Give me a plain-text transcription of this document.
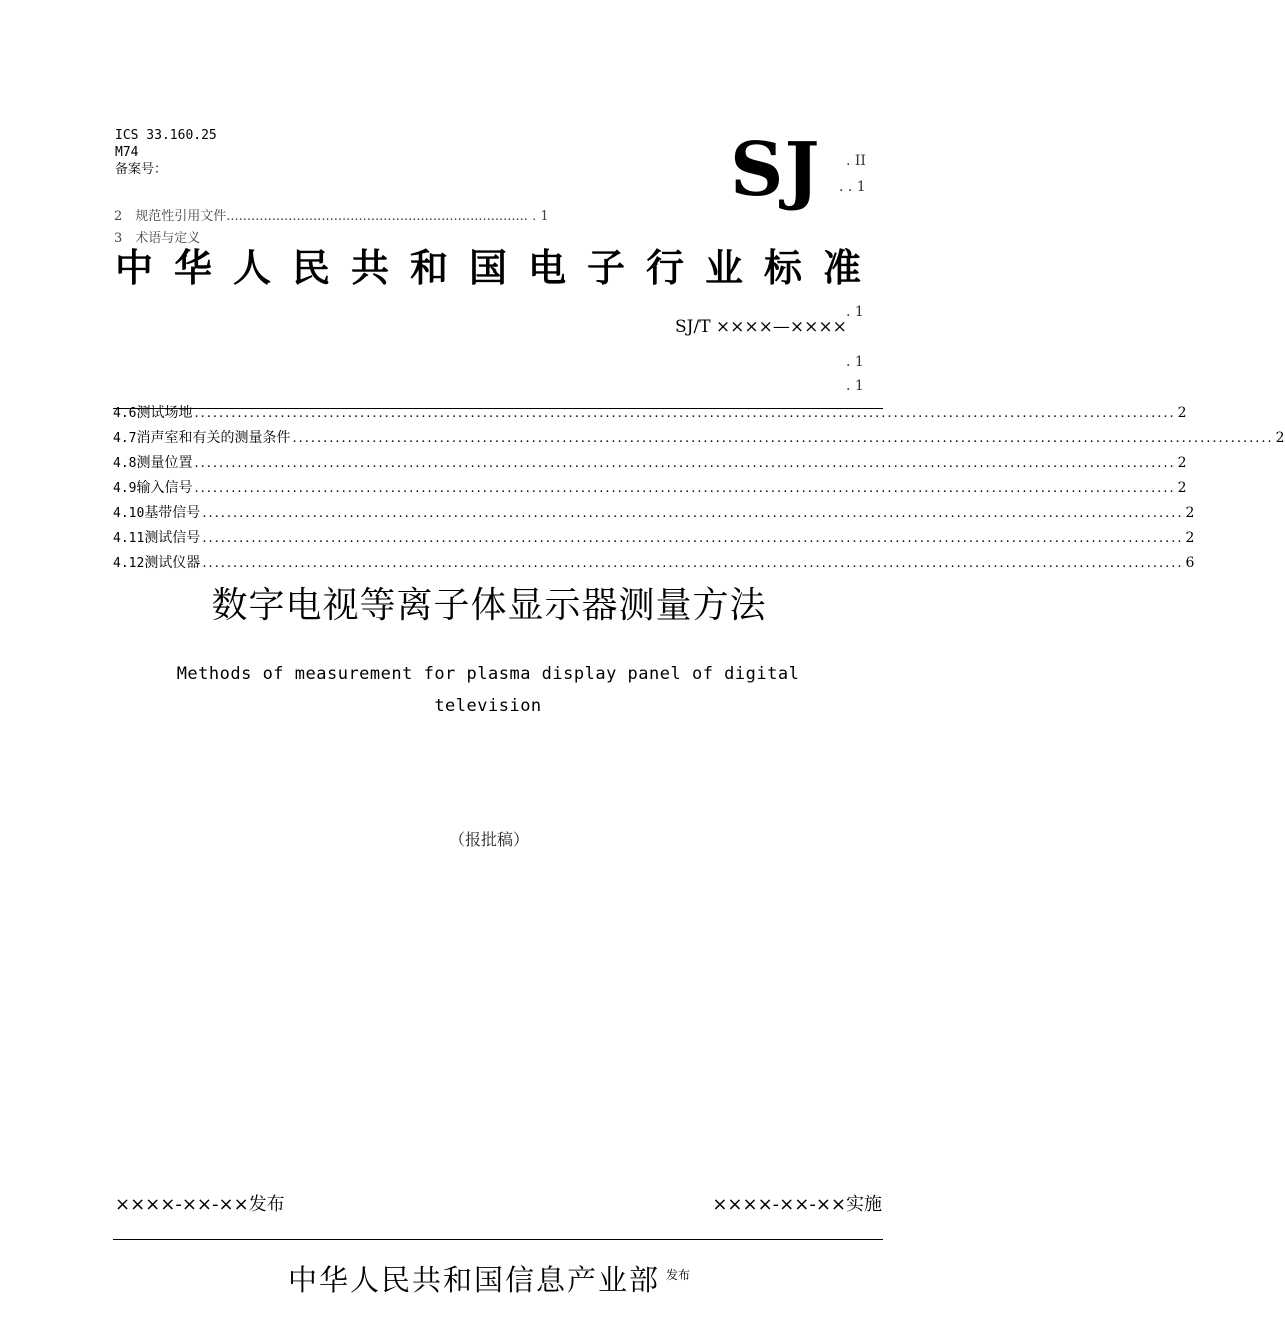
ICS 33.160.25
M74
备案号：	SJ . II
. . 1
2　规范性引用文件......................................................................... . 1
3　术语与定义
. 1
. 1
. 1
中华人民共和国电子行业标准
SJ/T ××××—××××
4.6 测试场地 .....	2
4.7 消声室和有关的测量条件 .....	2
4.8 测量位置 .....	2
4.9 输入信号 .....	2
4.10 基带信号 .....	2
4.11 测试信号 .....	2
4.12 测试仪器 .....	6
数字电视等离子体显示器测量方法
Methods of measurement for plasma display panel of digital
television
（报批稿）
××××-××-××发布	××××-××-××实施
中华人民共和国信息产业部 $^{发布}$
